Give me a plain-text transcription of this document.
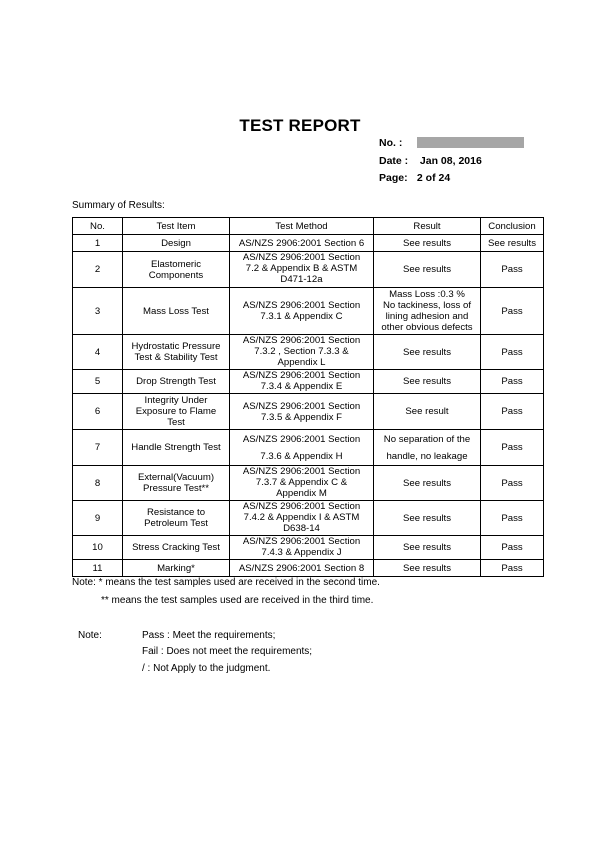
TEST REPORT
No. :
Date : Jan 08, 2016
Page: 2 of 24
Summary of Results:
No.	Test Item	Test Method	Result	Conclusion
1	Design	AS/NZS 2906:2001 Section 6	See results	See results
2	Elastomeric
Components	AS/NZS 2906:2001 Section
7.2 & Appendix B & ASTM
D471-12a	See results	Pass
3	Mass Loss Test	AS/NZS 2906:2001 Section
7.3.1 & Appendix C	Mass Loss :0.3 %
No tackiness, loss of
lining adhesion and
other obvious defects	Pass
4	Hydrostatic Pressure
Test & Stability Test	AS/NZS 2906:2001 Section
7.3.2 , Section 7.3.3 &
Appendix L	See results	Pass
5	Drop Strength Test	AS/NZS 2906:2001 Section
7.3.4 & Appendix E	See results	Pass
6	Integrity Under
Exposure to Flame
Test	AS/NZS 2906:2001 Section
7.3.5 & Appendix F	See result	Pass
7	Handle Strength Test	AS/NZS 2906:2001 Section
7.3.6 & Appendix H	No separation of the
handle, no leakage	Pass
8	External(Vacuum)
Pressure Test**	AS/NZS 2906:2001 Section
7.3.7 & Appendix C &
Appendix M	See results	Pass
9	Resistance to
Petroleum Test	AS/NZS 2906:2001 Section
7.4.2 & Appendix I & ASTM
D638-14	See results	Pass
10	Stress Cracking Test	AS/NZS 2906:2001 Section
7.4.3 & Appendix J	See results	Pass
11	Marking*	AS/NZS 2906:2001 Section 8	See results	Pass
Note: * means the test samples used are received in the second time.
** means the test samples used are received in the third time.
Note:	Pass : Meet the requirements;
Fail : Does not meet the requirements;
/ : Not Apply to the judgment.
